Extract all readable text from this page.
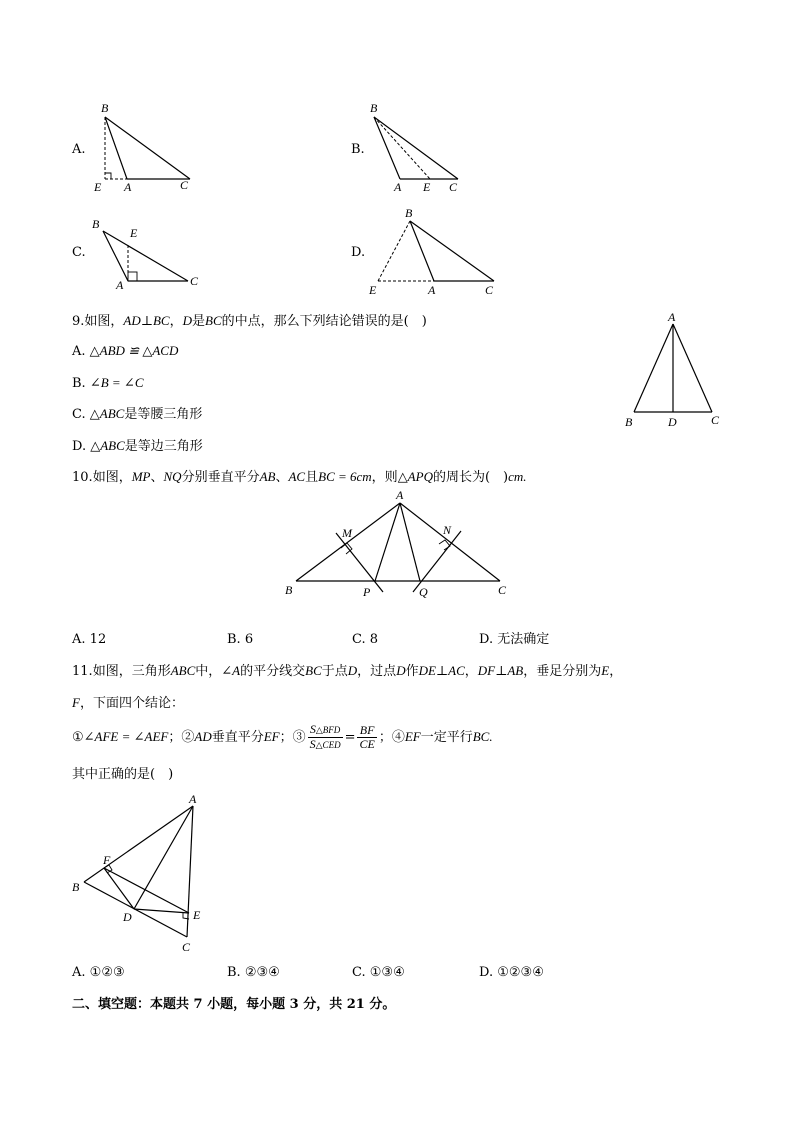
A.
B
E A	C
B.
B
A E C
C.
B
E
A	C
D.
B
E	A	C
9.如图，AD⊥BC，D是BC的中点，那么下列结论错误的是(　)
A. △ABD ≌ △ACD
B. ∠B = ∠C
C. △ABC是等腰三角形
D. △ABC是等边三角形
A
B	D	C
10.如图，MP、NQ分别垂直平分AB、AC且BC = 6cm，则△APQ的周长为(　)cm.
A
M	N
B	P	Q	C
A. 12	B. 6	C. 8	D. 无法确定
11.如图，三角形ABC中，∠A的平分线交BC于点D，过点D作DE⊥AC，DF⊥AB，垂足分别为E，
F，下面四个结论：
①∠AFE = ∠AEF；②AD垂直平分EF；③ $\frac{\text{S△BFD}}{\text{S△CED}} = \frac{BF}{CE}$ ；④EF一定平行BC.
其中正确的是(　)
A
F
B
D	E
C
A. ①②③	B. ②③④	C. ①③④	D. ①②③④
二、填空题：本题共 7 小题，每小题 3 分，共 21 分。
